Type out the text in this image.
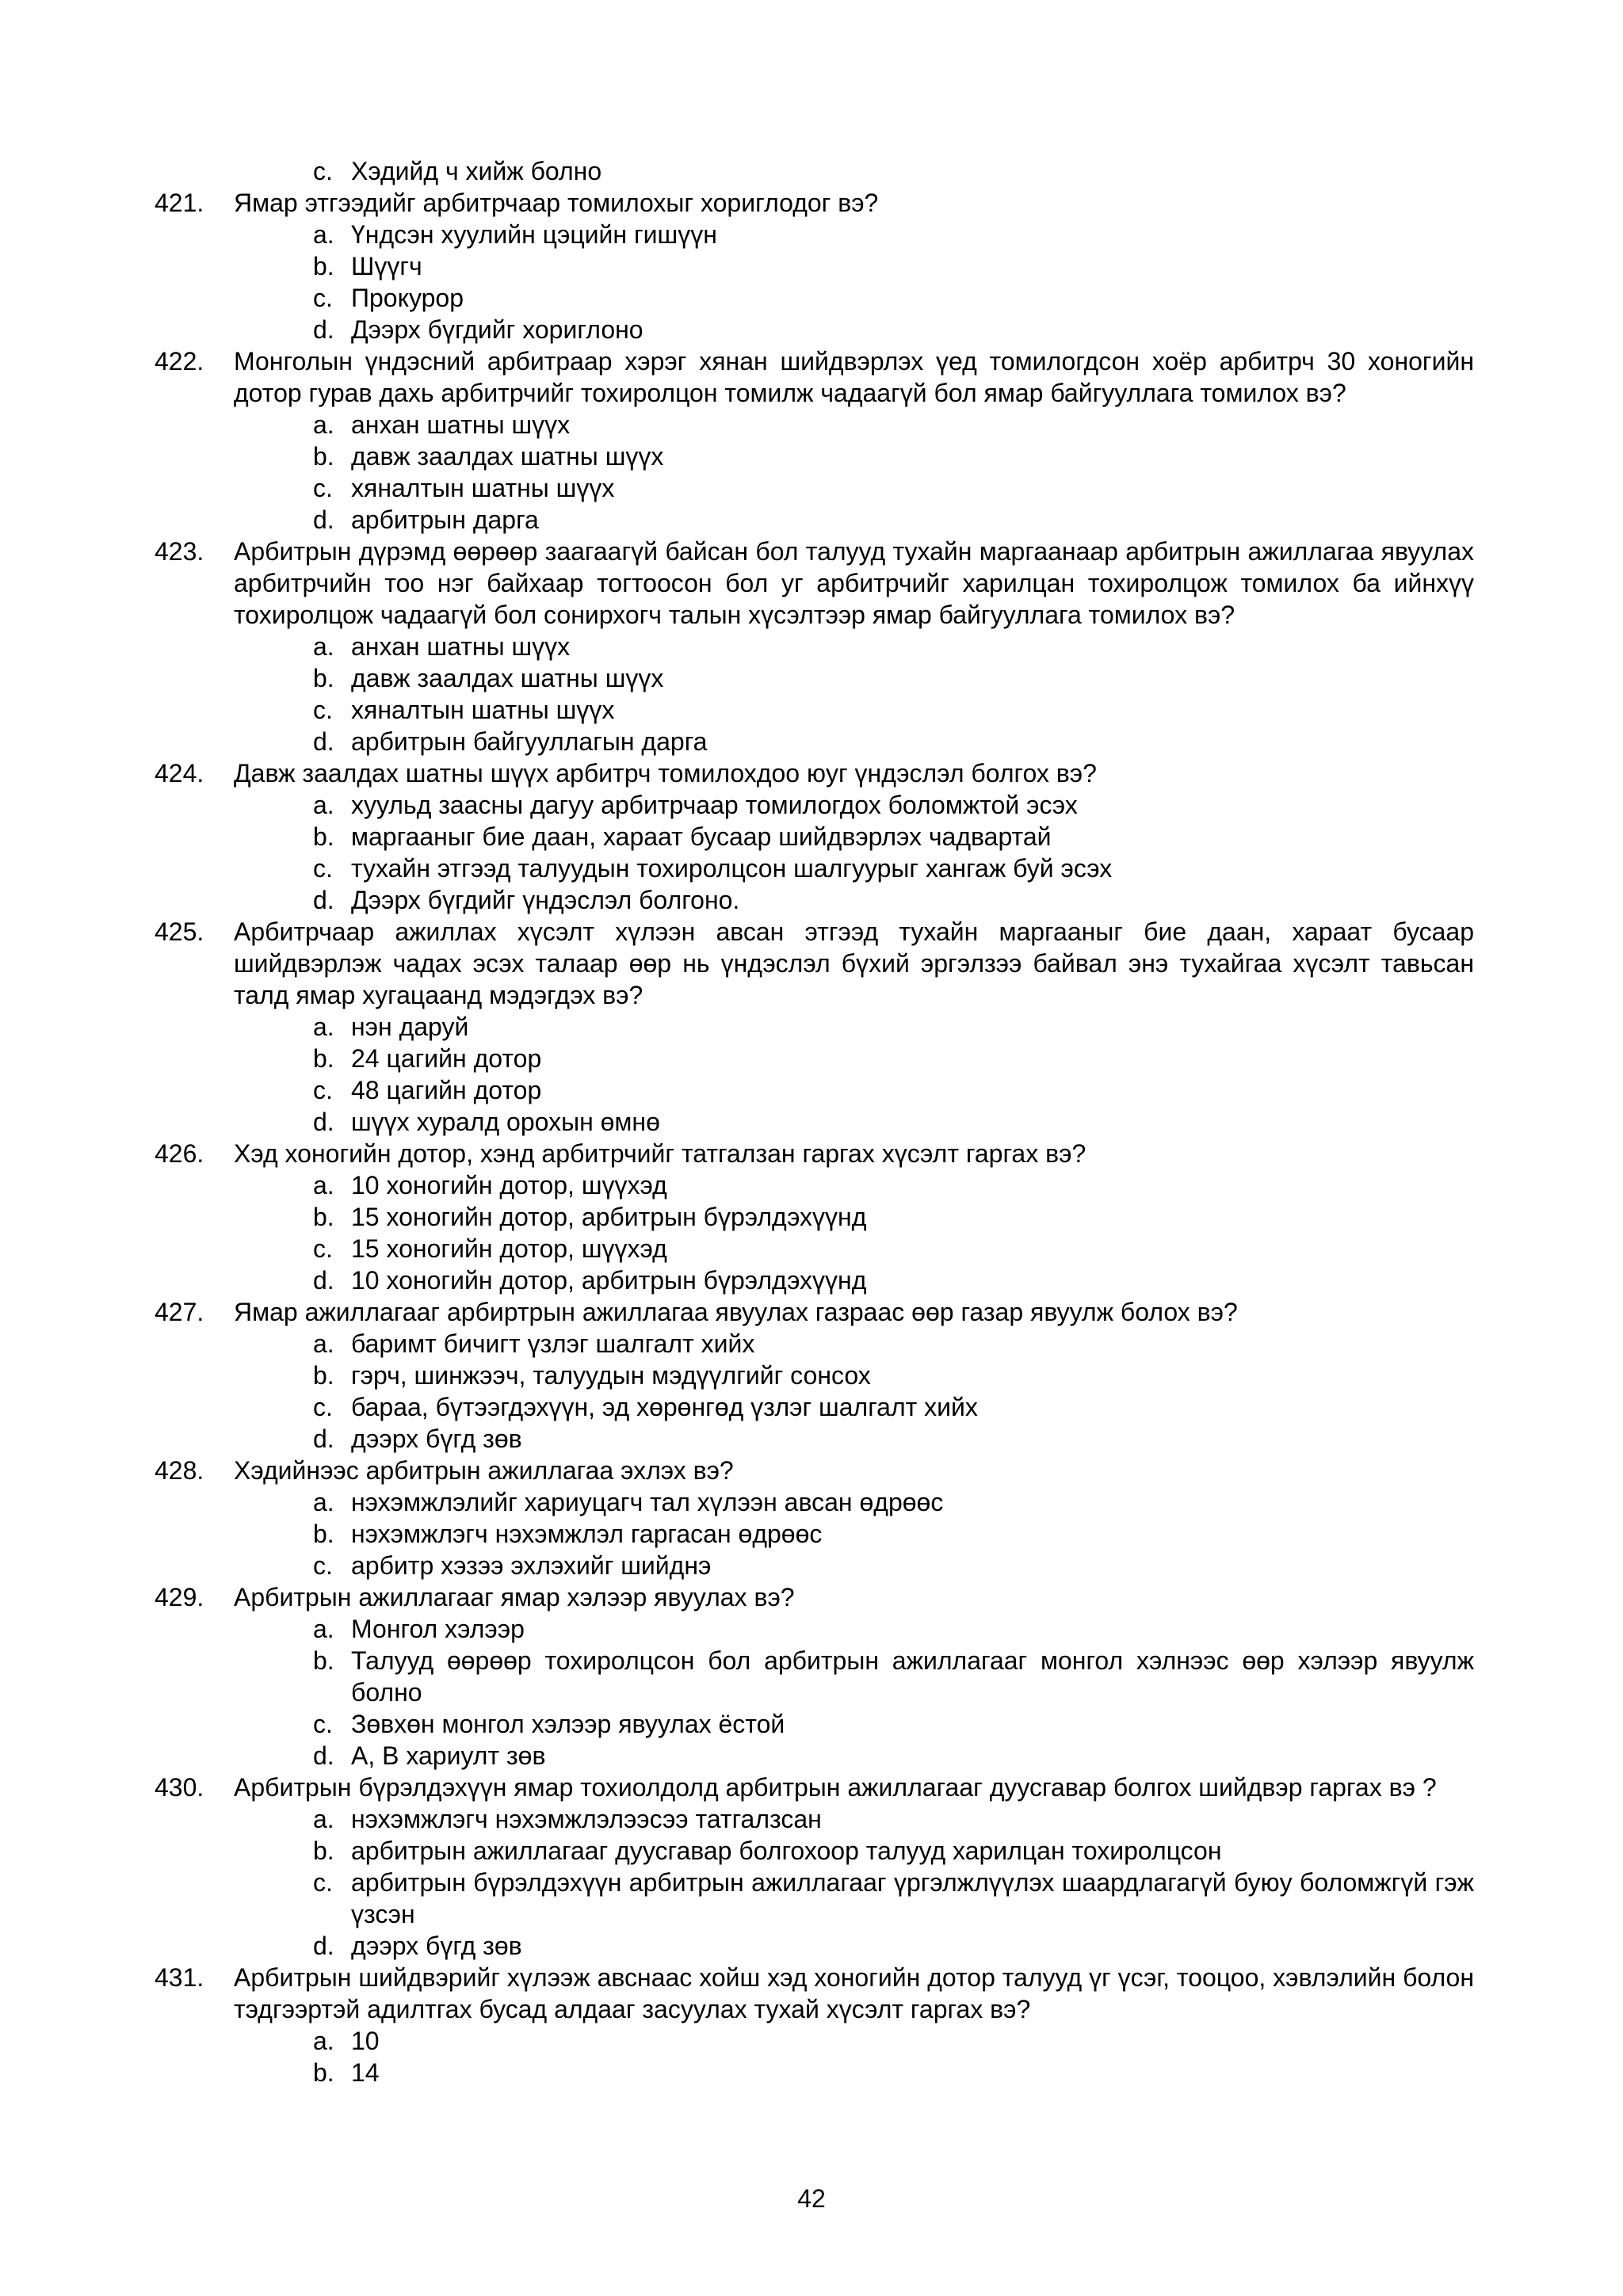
c. Хэдийд ч хийж болно
421.	Ямар этгээдийг арбитрчаар томилохыг хориглодог вэ?
a. Үндсэн хуулийн цэцийн гишүүн
b. Шүүгч
c. Прокурор
d. Дээрх бүгдийг хориглоно
422.	Монголын үндэсний арбитраар хэрэг хянан шийдвэрлэх үед томилогдсон хоёр арбитрч 30 хоногийн дотор гурав дахь арбитрчийг тохиролцон томилж чадаагүй бол ямар байгууллага томилох вэ?
a. анхан шатны шүүх
b. давж заалдах шатны шүүх
c. хяналтын шатны шүүх
d. арбитрын дарга
423.	Арбитрын дүрэмд өөрөөр заагаагүй байсан бол талууд тухайн маргаанаар арбитрын ажиллагаа явуулах арбитрчийн тоо нэг байхаар тогтоосон бол уг арбитрчийг харилцан тохиролцож томилох ба ийнхүү тохиролцож чадаагүй бол сонирхогч талын хүсэлтээр ямар байгууллага томилох вэ?
a. анхан шатны шүүх
b. давж заалдах шатны шүүх
c. хяналтын шатны шүүх
d. арбитрын байгууллагын дарга
424.	Давж заалдах шатны шүүх арбитрч томилохдоо юуг үндэслэл болгох вэ?
a. хуульд заасны дагуу арбитрчаар томилогдох боломжтой эсэх
b. маргааныг бие даан, хараат бусаар шийдвэрлэх чадвартай
c. тухайн этгээд талуудын тохиролцсон шалгуурыг хангаж буй эсэх
d. Дээрх бүгдийг үндэслэл болгоно.
425.	Арбитрчаар ажиллах хүсэлт хүлээн авсан этгээд тухайн маргааныг бие даан, хараат бусаар шийдвэрлэж чадах эсэх талаар өөр нь үндэслэл бүхий эргэлзээ байвал энэ тухайгаа хүсэлт тавьсан талд ямар хугацаанд мэдэгдэх вэ?
a. нэн даруй
b. 24 цагийн дотор
c. 48 цагийн дотор
d. шүүх хуралд орохын өмнө
426.	Хэд хоногийн дотор, хэнд арбитрчийг татгалзан гаргах хүсэлт гаргах вэ?
a. 10 хоногийн дотор, шүүхэд
b. 15 хоногийн дотор, арбитрын бүрэлдэхүүнд
c. 15 хоногийн дотор, шүүхэд
d. 10 хоногийн дотор, арбитрын бүрэлдэхүүнд
427.	Ямар ажиллагааг арбиртрын ажиллагаа явуулах газраас өөр газар явуулж болох вэ?
a. баримт бичигт үзлэг шалгалт хийх
b. гэрч, шинжээч, талуудын мэдүүлгийг сонсох
c. бараа, бүтээгдэхүүн, эд хөрөнгөд үзлэг шалгалт хийх
d. дээрх бүгд зөв
428.	Хэдийнээс арбитрын ажиллагаа эхлэх вэ?
a. нэхэмжлэлийг хариуцагч тал хүлээн авсан өдрөөс
b. нэхэмжлэгч нэхэмжлэл гаргасан өдрөөс
c. арбитр хэзээ эхлэхийг шийднэ
429.	Арбитрын ажиллагааг ямар хэлээр явуулах вэ?
a. Монгол хэлээр
b. Талууд өөрөөр тохиролцсон бол арбитрын ажиллагааг монгол хэлнээс өөр хэлээр явуулж болно
c. Зөвхөн монгол хэлээр явуулах ёстой
d. А, В хариулт зөв
430.	Арбитрын бүрэлдэхүүн ямар тохиолдолд арбитрын ажиллагааг дуусгавар болгох шийдвэр гаргах вэ ?
a. нэхэмжлэгч нэхэмжлэлээсээ татгалзсан
b. арбитрын ажиллагааг дуусгавар болгохоор талууд харилцан тохиролцсон
c. арбитрын бүрэлдэхүүн арбитрын ажиллагааг үргэлжлүүлэх шаардлагагүй буюу боломжгүй гэж үзсэн
d. дээрх бүгд зөв
431.	Арбитрын шийдвэрийг хүлээж авснаас хойш хэд хоногийн дотор талууд үг үсэг, тооцоо, хэвлэлийн болон тэдгээртэй адилтгах бусад алдааг засуулах тухай хүсэлт гаргах вэ?
a. 10
b. 14
42
